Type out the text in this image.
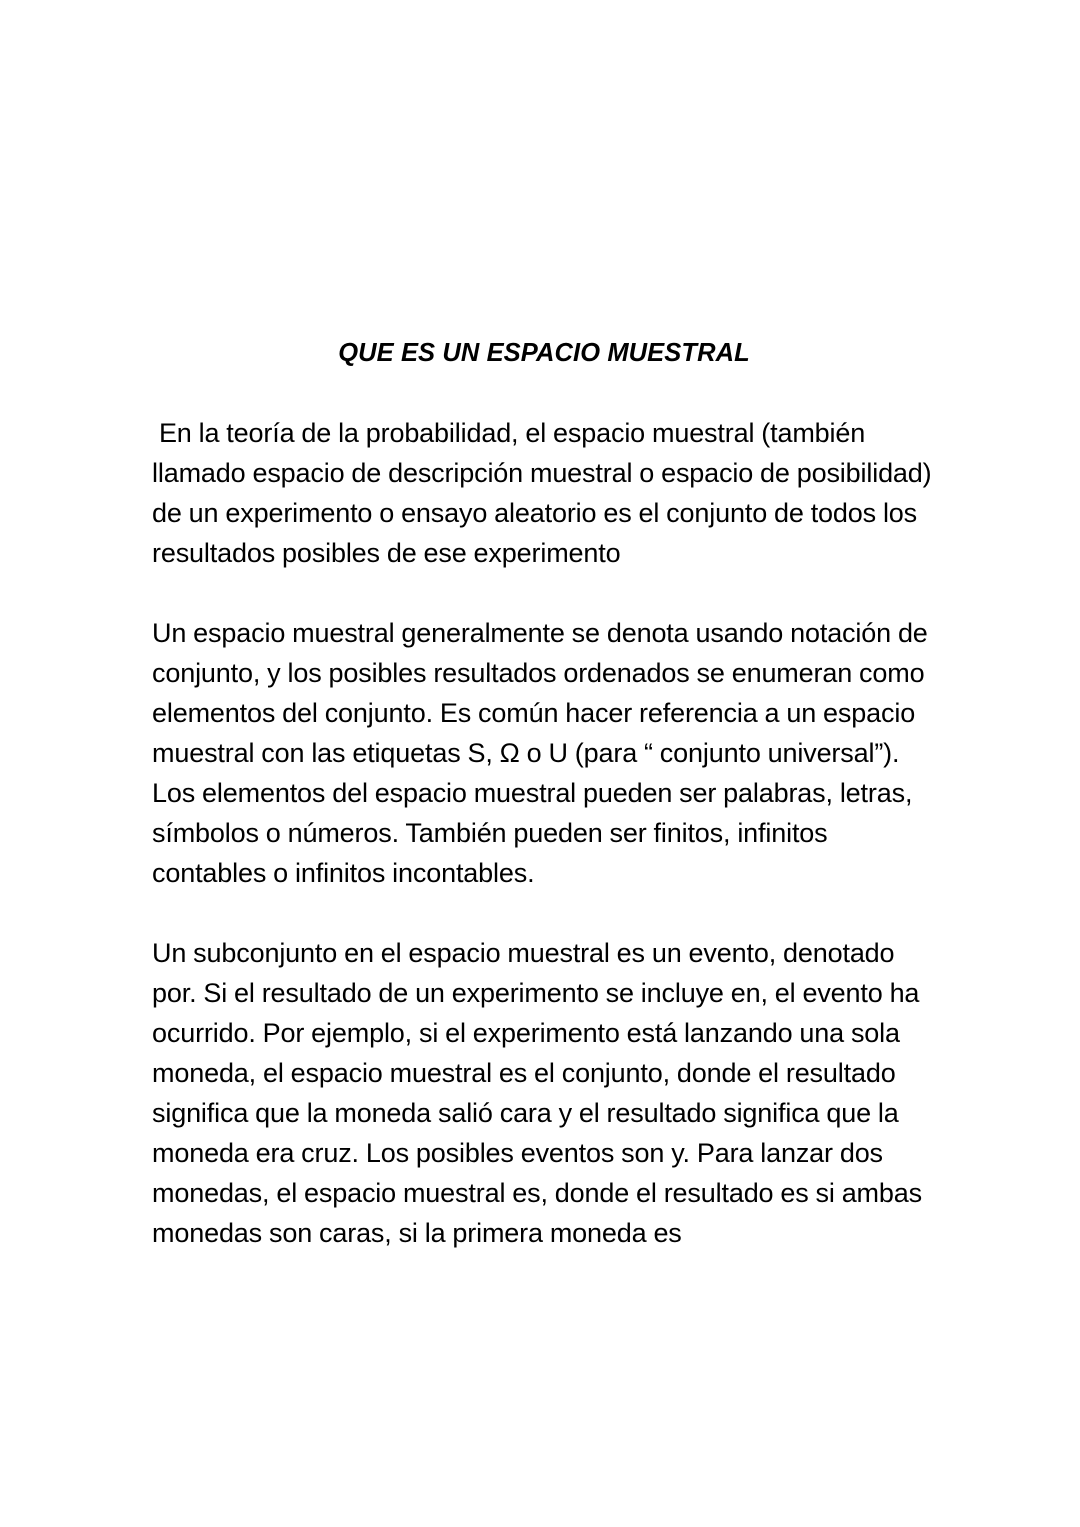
QUE ES UN ESPACIO MUESTRAL

En la teoría de la probabilidad, el espacio muestral (también llamado espacio de descripción muestral o espacio de posibilidad) de un experimento o ensayo aleatorio es el conjunto de todos los resultados posibles de ese experimento

Un espacio muestral generalmente se denota usando notación de conjunto, y los posibles resultados ordenados se enumeran como elementos del conjunto. Es común hacer referencia a un espacio muestral con las etiquetas S, Ω o U (para “ conjunto universal”). Los elementos del espacio muestral pueden ser palabras, letras, símbolos o números. También pueden ser finitos, infinitos contables o infinitos incontables.

Un subconjunto en el espacio muestral es un evento, denotado por. Si el resultado de un experimento se incluye en, el evento ha ocurrido. Por ejemplo, si el experimento está lanzando una sola moneda, el espacio muestral es el conjunto, donde el resultado significa que la moneda salió cara y el resultado significa que la moneda era cruz. Los posibles eventos son y. Para lanzar dos monedas, el espacio muestral es, donde el resultado es si ambas monedas son caras, si la primera moneda es
